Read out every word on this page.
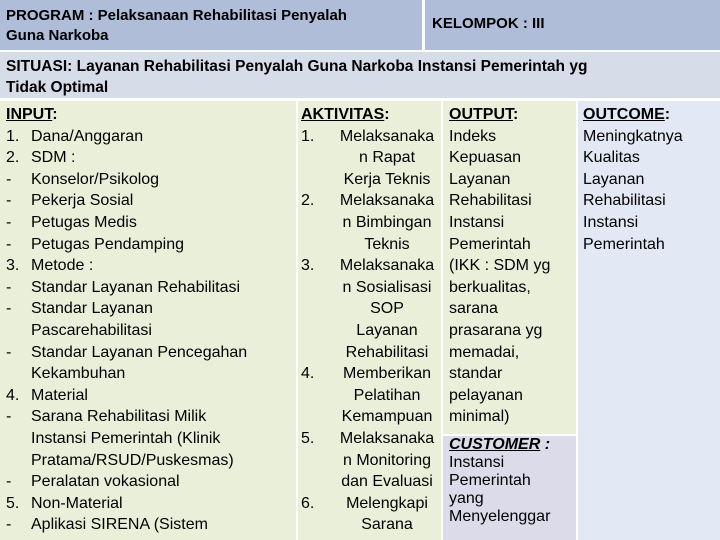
PROGRAM : Pelaksanaan Rehabilitasi Penyalah
Guna Narkoba
KELOMPOK : III
SITUASI: Layanan Rehabilitasi Penyalah Guna Narkoba Instansi Pemerintah yg
Tidak Optimal
INPUT:
1. Dana/Anggaran
2. SDM :
- Konselor/Psikolog
- Pekerja Sosial
- Petugas Medis
- Petugas Pendamping
3. Metode :
- Standar Layanan Rehabilitasi
- Standar Layanan
Pascarehabilitasi
- Standar Layanan Pencegahan
Kekambuhan
4. Material
- Sarana Rehabilitasi Milik
Instansi Pemerintah (Klinik
Pratama/RSUD/Puskesmas)
- Peralatan vokasional
5. Non-Material
- Aplikasi SIRENA (Sistem
AKTIVITAS:
1.	Melaksanaka
n Rapat
Kerja Teknis
2.	Melaksanaka
n Bimbingan
Teknis
3.	Melaksanaka
n Sosialisasi
SOP
Layanan
Rehabilitasi
4.	Memberikan
Pelatihan
Kemampuan
5.	Melaksanaka
n Monitoring
dan Evaluasi
6.	Melengkapi
Sarana
OUTPUT:
Indeks
Kepuasan
Layanan
Rehabilitasi
Instansi
Pemerintah
(IKK : SDM yg
berkualitas,
sarana
prasarana yg
memadai,
standar
pelayanan
minimal)
CUSTOMER :
Instansi
Pemerintah
yang
Menyelenggar
OUTCOME:
Meningkatnya
Kualitas
Layanan
Rehabilitasi
Instansi
Pemerintah
